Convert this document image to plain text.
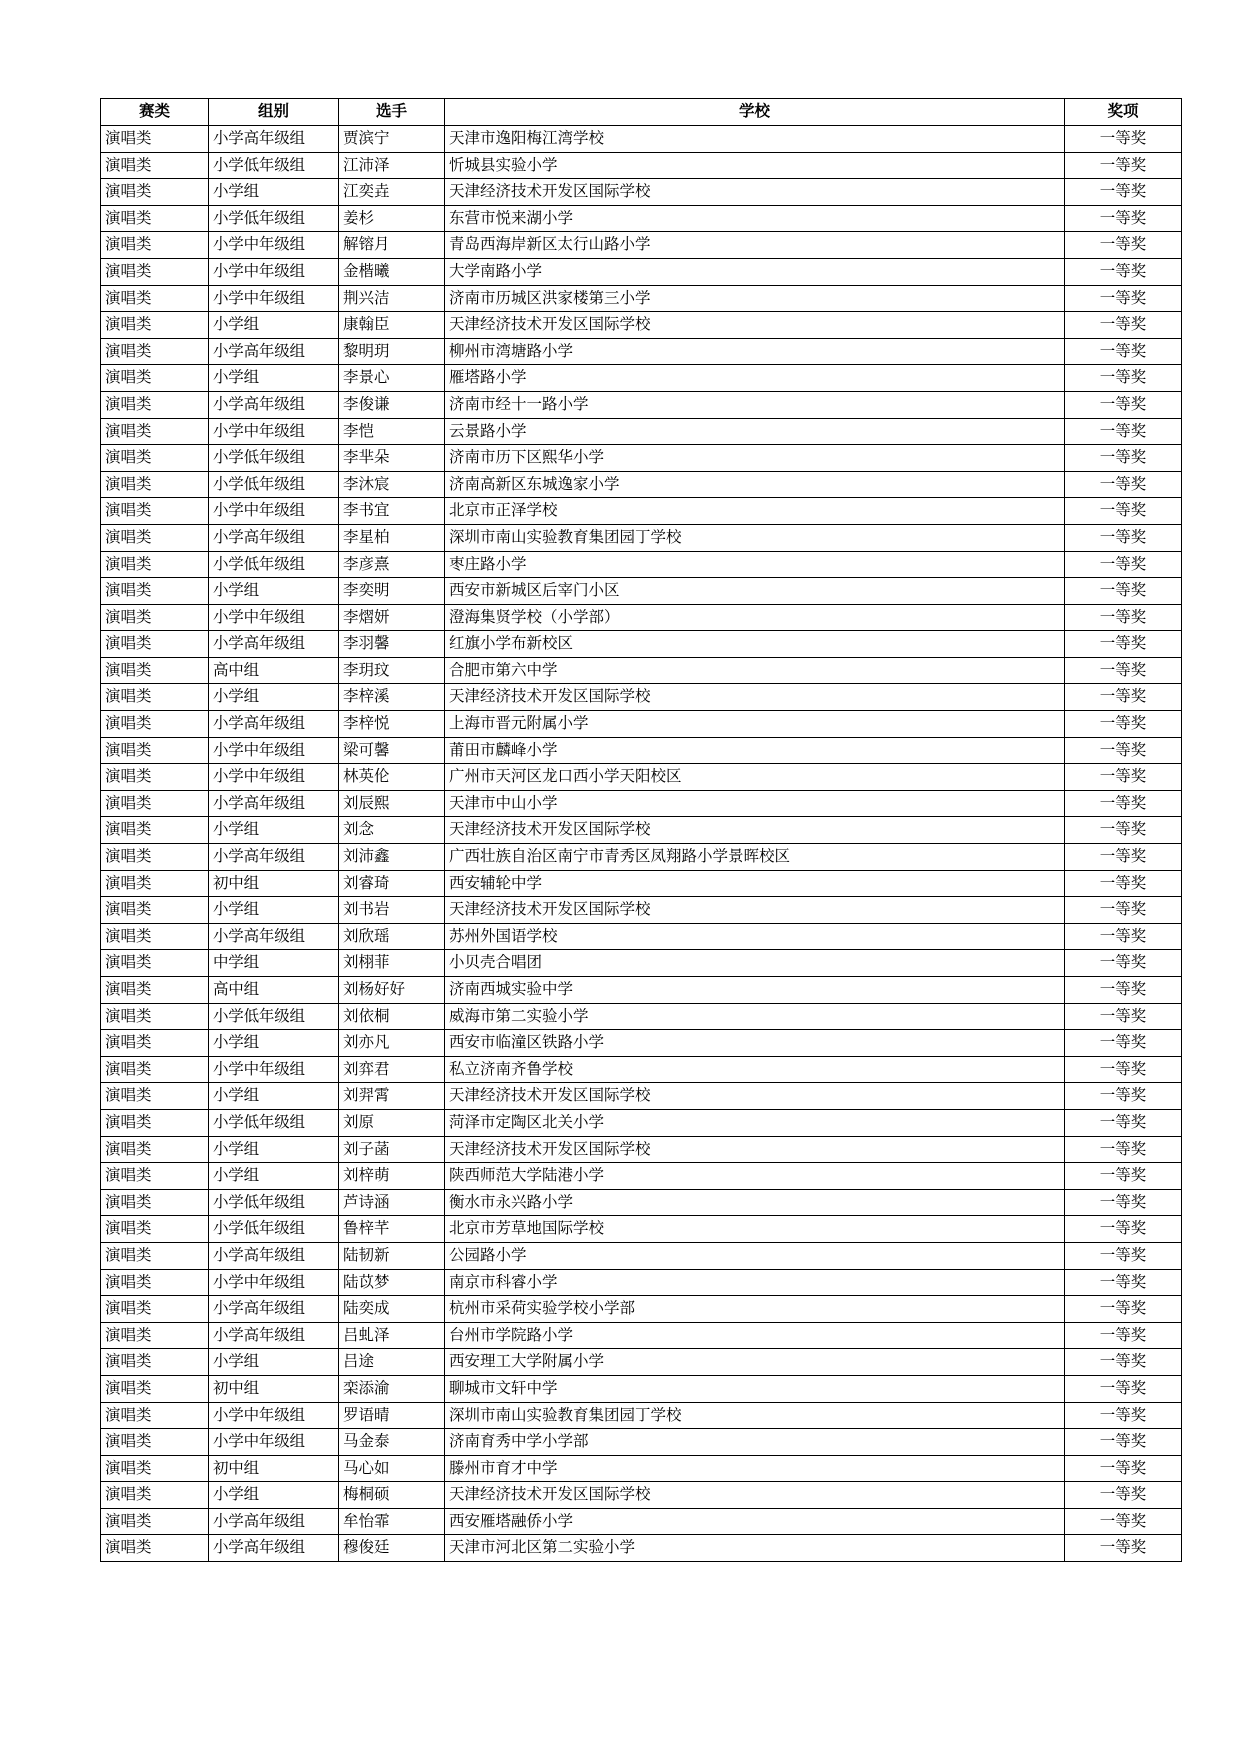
赛类	组别	选手	学校	奖项
演唱类	小学高年级组	贾滨宁	天津市逸阳梅江湾学校	一等奖
演唱类	小学低年级组	江沛泽	忻城县实验小学	一等奖
演唱类	小学组	江奕垚	天津经济技术开发区国际学校	一等奖
演唱类	小学低年级组	姜杉	东营市悦来湖小学	一等奖
演唱类	小学中年级组	解镕月	青岛西海岸新区太行山路小学	一等奖
演唱类	小学中年级组	金楷曦	大学南路小学	一等奖
演唱类	小学中年级组	荆兴洁	济南市历城区洪家楼第三小学	一等奖
演唱类	小学组	康翰臣	天津经济技术开发区国际学校	一等奖
演唱类	小学高年级组	黎明玥	柳州市湾塘路小学	一等奖
演唱类	小学组	李景心	雁塔路小学	一等奖
演唱类	小学高年级组	李俊谦	济南市经十一路小学	一等奖
演唱类	小学中年级组	李恺	云景路小学	一等奖
演唱类	小学低年级组	李芈朵	济南市历下区熙华小学	一等奖
演唱类	小学低年级组	李沐宸	济南高新区东城逸家小学	一等奖
演唱类	小学中年级组	李书宜	北京市正泽学校	一等奖
演唱类	小学高年级组	李星柏	深圳市南山实验教育集团园丁学校	一等奖
演唱类	小学低年级组	李彦熹	枣庄路小学	一等奖
演唱类	小学组	李奕明	西安市新城区后宰门小区	一等奖
演唱类	小学中年级组	李熠妍	澄海集贤学校（小学部）	一等奖
演唱类	小学高年级组	李羽馨	红旗小学布新校区	一等奖
演唱类	高中组	李玥玟	合肥市第六中学	一等奖
演唱类	小学组	李梓溪	天津经济技术开发区国际学校	一等奖
演唱类	小学高年级组	李梓悦	上海市晋元附属小学	一等奖
演唱类	小学中年级组	梁可馨	莆田市麟峰小学	一等奖
演唱类	小学中年级组	林英伦	广州市天河区龙口西小学天阳校区	一等奖
演唱类	小学高年级组	刘辰熙	天津市中山小学	一等奖
演唱类	小学组	刘念	天津经济技术开发区国际学校	一等奖
演唱类	小学高年级组	刘沛鑫	广西壮族自治区南宁市青秀区凤翔路小学景晖校区	一等奖
演唱类	初中组	刘睿琦	西安辅轮中学	一等奖
演唱类	小学组	刘书岩	天津经济技术开发区国际学校	一等奖
演唱类	小学高年级组	刘欣瑶	苏州外国语学校	一等奖
演唱类	中学组	刘栩菲	小贝壳合唱团	一等奖
演唱类	高中组	刘杨好好	济南西城实验中学	一等奖
演唱类	小学低年级组	刘依桐	威海市第二实验小学	一等奖
演唱类	小学组	刘亦凡	西安市临潼区铁路小学	一等奖
演唱类	小学中年级组	刘弈君	私立济南齐鲁学校	一等奖
演唱类	小学组	刘羿霄	天津经济技术开发区国际学校	一等奖
演唱类	小学低年级组	刘原	菏泽市定陶区北关小学	一等奖
演唱类	小学组	刘子菡	天津经济技术开发区国际学校	一等奖
演唱类	小学组	刘梓萌	陕西师范大学陆港小学	一等奖
演唱类	小学低年级组	芦诗涵	衡水市永兴路小学	一等奖
演唱类	小学低年级组	鲁梓芊	北京市芳草地国际学校	一等奖
演唱类	小学高年级组	陆韧新	公园路小学	一等奖
演唱类	小学中年级组	陆苡梦	南京市科睿小学	一等奖
演唱类	小学高年级组	陆奕成	杭州市采荷实验学校小学部	一等奖
演唱类	小学高年级组	吕虬泽	台州市学院路小学	一等奖
演唱类	小学组	吕途	西安理工大学附属小学	一等奖
演唱类	初中组	栾添渝	聊城市文轩中学	一等奖
演唱类	小学中年级组	罗语晴	深圳市南山实验教育集团园丁学校	一等奖
演唱类	小学中年级组	马金泰	济南育秀中学小学部	一等奖
演唱类	初中组	马心如	滕州市育才中学	一等奖
演唱类	小学组	梅桐硕	天津经济技术开发区国际学校	一等奖
演唱类	小学高年级组	牟怡霏	西安雁塔融侨小学	一等奖
演唱类	小学高年级组	穆俊廷	天津市河北区第二实验小学	一等奖
